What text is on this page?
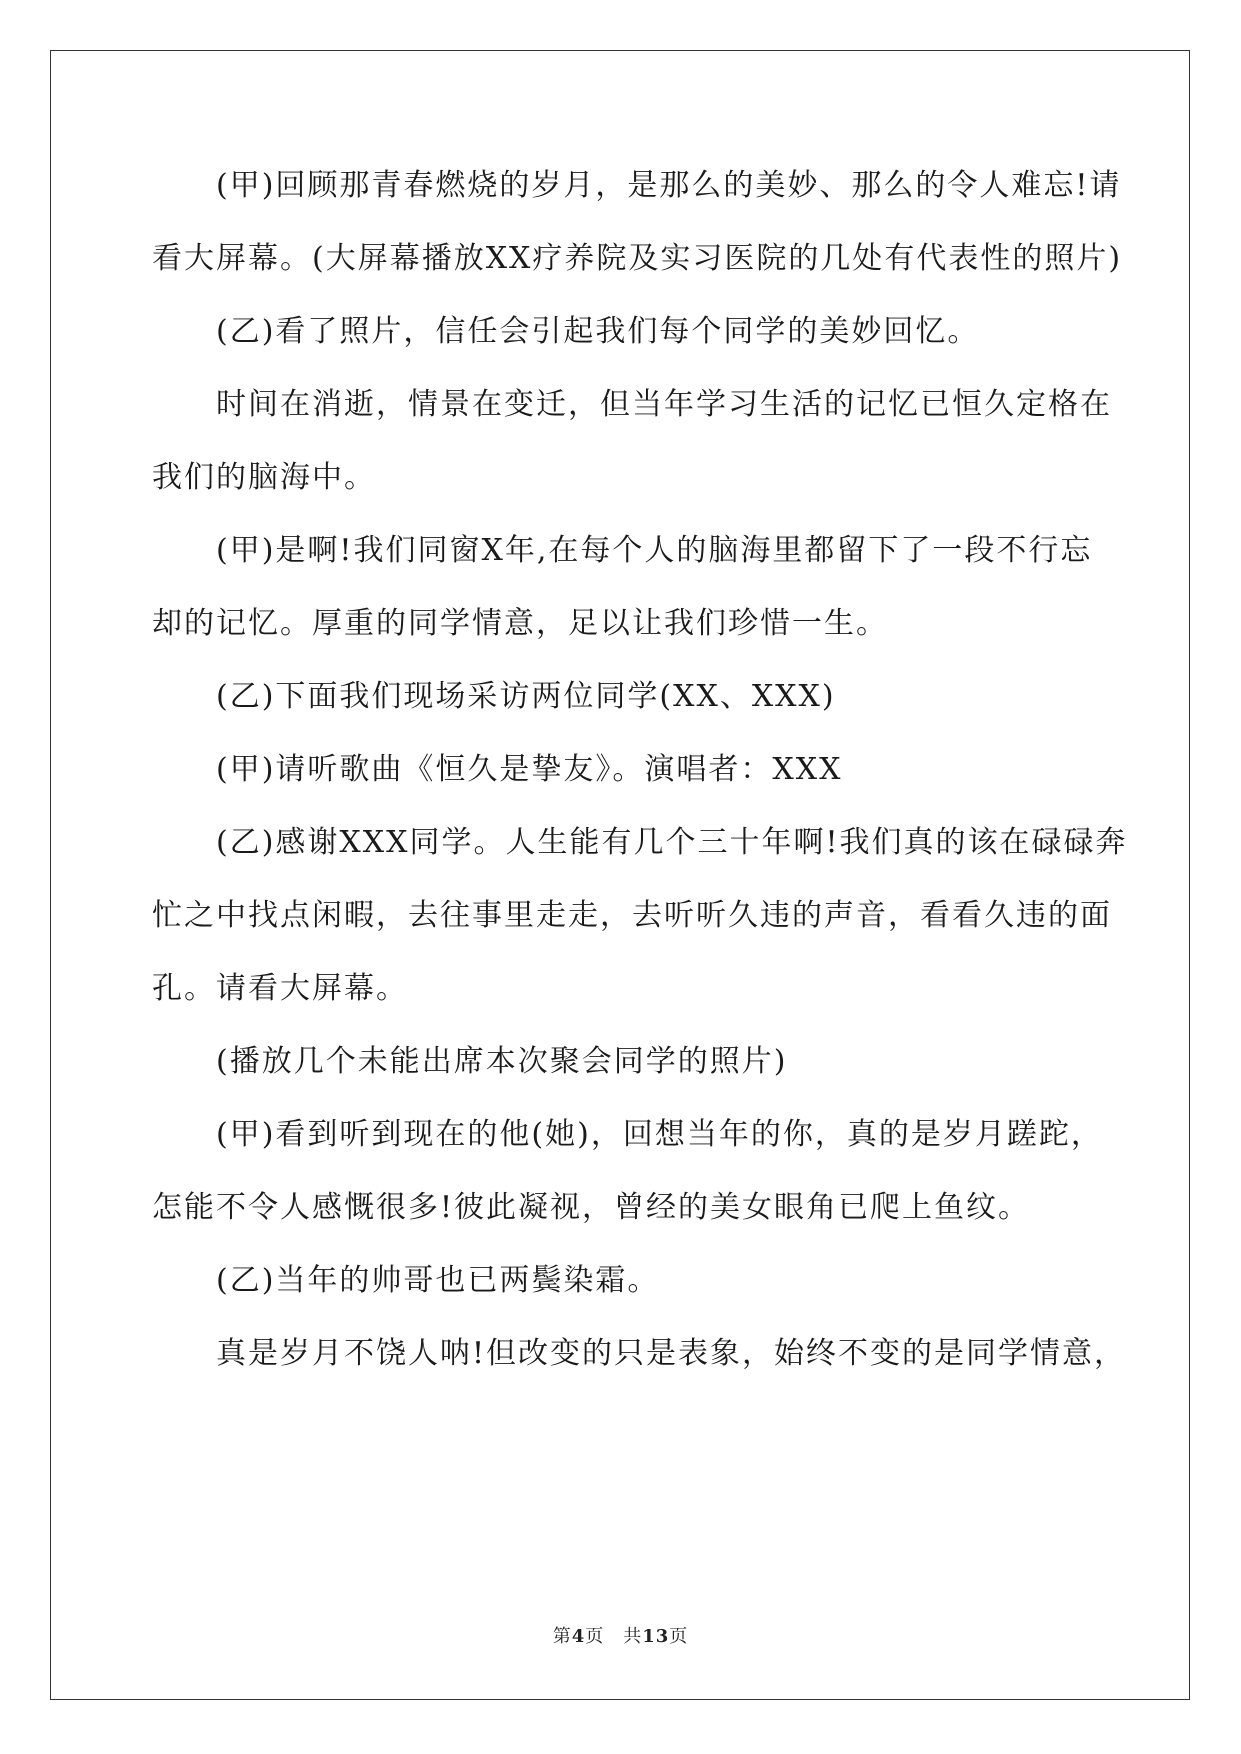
(甲)回顾那青春燃烧的岁月，是那么的美妙、那么的令人难忘!请
看大屏幕。(大屏幕播放XX疗养院及实习医院的几处有代表性的照片)
(乙)看了照片，信任会引起我们每个同学的美妙回忆。
时间在消逝，情景在变迁，但当年学习生活的记忆已恒久定格在
我们的脑海中。
(甲)是啊!我们同窗X年,在每个人的脑海里都留下了一段不行忘
却的记忆。厚重的同学情意，足以让我们珍惜一生。
(乙)下面我们现场采访两位同学(XX、XXX)
(甲)请听歌曲《恒久是挚友》。演唱者：XXX
(乙)感谢XXX同学。人生能有几个三十年啊!我们真的该在碌碌奔
忙之中找点闲暇，去往事里走走，去听听久违的声音，看看久违的面
孔。请看大屏幕。
(播放几个未能出席本次聚会同学的照片)
(甲)看到听到现在的他(她)，回想当年的你，真的是岁月蹉跎，
怎能不令人感慨很多!彼此凝视，曾经的美女眼角已爬上鱼纹。
(乙)当年的帅哥也已两鬓染霜。
真是岁月不饶人呐!但改变的只是表象，始终不变的是同学情意，
第4页　共13页
